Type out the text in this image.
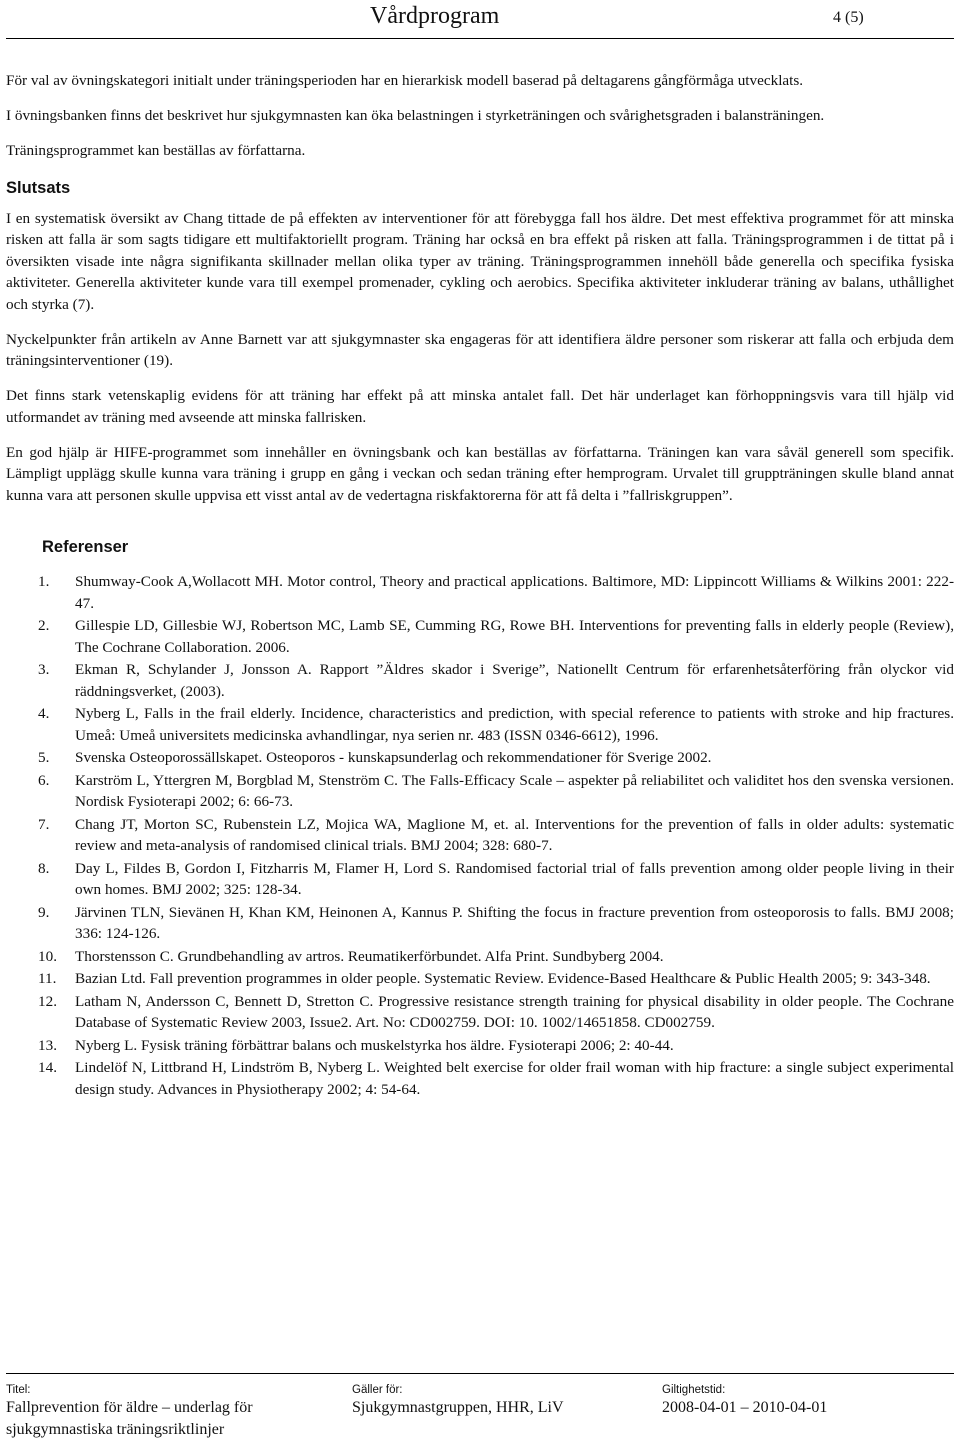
Vårdprogram	4 (5)

För val av övningskategori initialt under träningsperioden har en hierarkisk modell baserad på deltagarens gångförmåga utvecklats.

I övningsbanken finns det beskrivet hur sjukgymnasten kan öka belastningen i styrketräningen och svårighetsgraden i balansträningen.

Träningsprogrammet kan beställas av författarna.

Slutsats

I en systematisk översikt av Chang tittade de på effekten av interventioner för att förebygga fall hos äldre. Det mest effektiva programmet för att minska risken att falla är som sagts tidigare ett multifaktoriellt program. Träning har också en bra effekt på risken att falla. Träningsprogrammen i de tittat på i översikten visade inte några signifikanta skillnader mellan olika typer av träning. Träningsprogrammen innehöll både generella och specifika fysiska aktiviteter. Generella aktiviteter kunde vara till exempel promenader, cykling och aerobics. Specifika aktiviteter inkluderar träning av balans, uthållighet och styrka (7).

Nyckelpunkter från artikeln av Anne Barnett var att sjukgymnaster ska engageras för att identifiera äldre personer som riskerar att falla och erbjuda dem träningsinterventioner (19).

Det finns stark vetenskaplig evidens för att träning har effekt på att minska antalet fall. Det här underlaget kan förhoppningsvis vara till hjälp vid utformandet av träning med avseende att minska fallrisken.

En god hjälp är HIFE-programmet som innehåller en övningsbank och kan beställas av författarna. Träningen kan vara såväl generell som specifik. Lämpligt upplägg skulle kunna vara träning i grupp en gång i veckan och sedan träning efter hemprogram. Urvalet till gruppträningen skulle bland annat kunna vara att personen skulle uppvisa ett visst antal av de vedertagna riskfaktorerna för att få delta i ”fallriskgruppen”.

Referenser
1. Shumway-Cook A,Wollacott MH. Motor control, Theory and practical applications. Baltimore, MD: Lippincott Williams & Wilkins 2001: 222-47.
2. Gillespie LD, Gillesbie WJ, Robertson MC, Lamb SE, Cumming RG, Rowe BH. Interventions for preventing falls in elderly people (Review), The Cochrane Collaboration. 2006.
3. Ekman R, Schylander J, Jonsson A. Rapport ”Äldres skador i Sverige”, Nationellt Centrum för erfarenhetsåterföring från olyckor vid räddningsverket, (2003).
4. Nyberg L, Falls in the frail elderly. Incidence, characteristics and prediction, with special reference to patients with stroke and hip fractures. Umeå: Umeå universitets medicinska avhandlingar, nya serien nr. 483 (ISSN 0346-6612), 1996.
5. Svenska Osteoporossällskapet. Osteoporos - kunskapsunderlag och rekommendationer för Sverige 2002.
6. Karström L, Yttergren M, Borgblad M, Stenström C. The Falls-Efficacy Scale – aspekter på reliabilitet och validitet hos den svenska versionen. Nordisk Fysioterapi 2002; 6: 66-73.
7. Chang JT, Morton SC, Rubenstein LZ, Mojica WA, Maglione M, et. al. Interventions for the prevention of falls in older adults: systematic review and meta-analysis of randomised clinical trials. BMJ 2004; 328: 680-7.
8. Day L, Fildes B, Gordon I, Fitzharris M, Flamer H, Lord S. Randomised factorial trial of falls prevention among older people living in their own homes. BMJ 2002; 325: 128-34.
9. Järvinen TLN, Sievänen H, Khan KM, Heinonen A, Kannus P. Shifting the focus in fracture prevention from osteoporosis to falls. BMJ 2008; 336: 124-126.
10. Thorstensson C. Grundbehandling av artros. Reumatikerförbundet. Alfa Print. Sundbyberg 2004.
11. Bazian Ltd. Fall prevention programmes in older people. Systematic Review. Evidence-Based Healthcare & Public Health 2005; 9: 343-348.
12. Latham N, Andersson C, Bennett D, Stretton C. Progressive resistance strength training for physical disability in older people. The Cochrane Database of Systematic Review 2003, Issue2. Art. No: CD002759. DOI: 10. 1002/14651858. CD002759.
13. Nyberg L. Fysisk träning förbättrar balans och muskelstyrka hos äldre. Fysioterapi 2006; 2: 40-44.
14. Lindelöf N, Littbrand H, Lindström B, Nyberg L. Weighted belt exercise for older frail woman with hip fracture: a single subject experimental design study. Advances in Physiotherapy 2002; 4: 54-64.
Titel:
Fallprevention för äldre – underlag för
sjukgymnastiska träningsriktlinjer
Gäller för:
Sjukgymnastgruppen, HHR, LiV
Giltighetstid:
2008-04-01 – 2010-04-01
